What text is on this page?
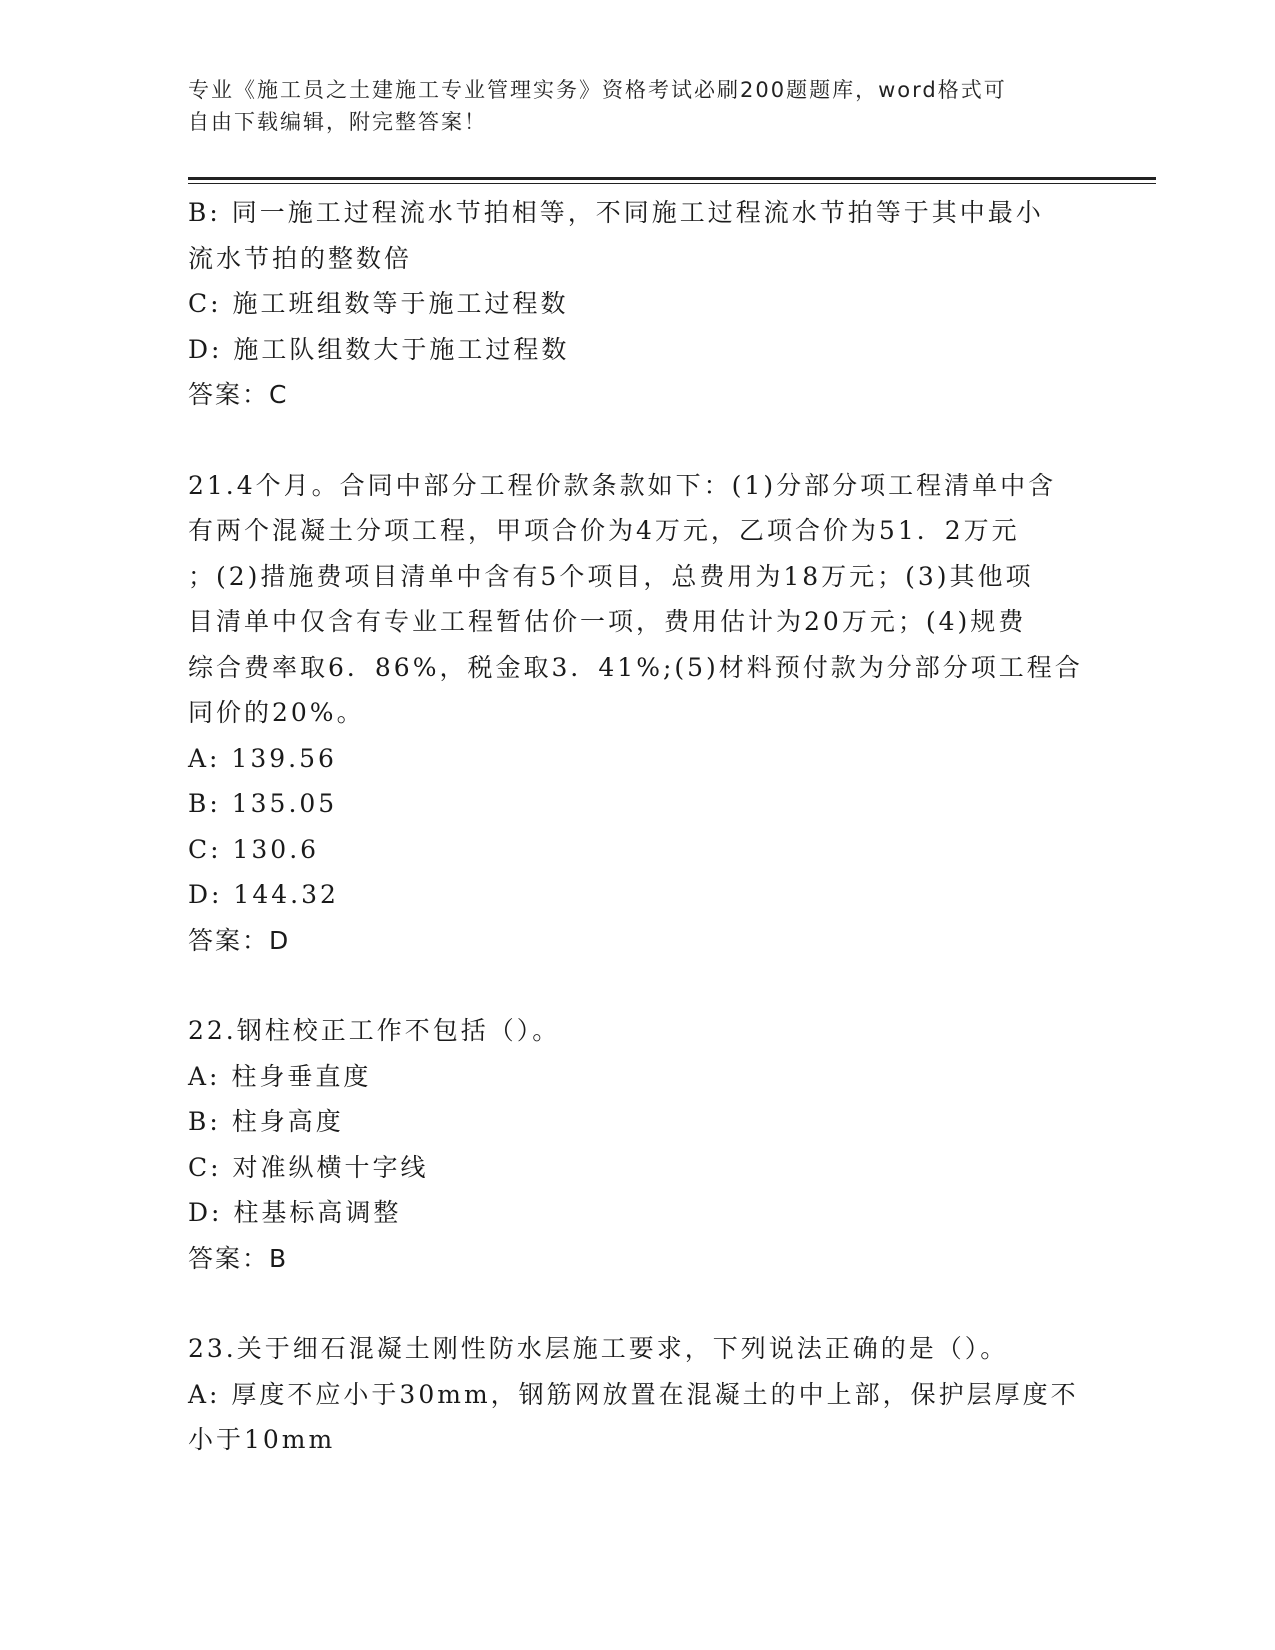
专业《施工员之土建施工专业管理实务》资格考试必刷200题题库，word格式可
自由下载编辑，附完整答案！
B: 同一施工过程流水节拍相等，不同施工过程流水节拍等于其中最小
流水节拍的整数倍
C: 施工班组数等于施工过程数
D: 施工队组数大于施工过程数
答案：C
21.4个月。合同中部分工程价款条款如下：(1)分部分项工程清单中含
有两个混凝土分项工程，甲项合价为4万元，乙项合价为51．2万元
；(2)措施费项目清单中含有5个项目，总费用为18万元；(3)其他项
目清单中仅含有专业工程暂估价一项，费用估计为20万元；(4)规费
综合费率取6．86%，税金取3．41%;(5)材料预付款为分部分项工程合
同价的20%。
A: 139.56
B: 135.05
C: 130.6
D: 144.32
答案：D
22.钢柱校正工作不包括（）。
A: 柱身垂直度
B: 柱身高度
C: 对准纵横十字线
D: 柱基标高调整
答案：B
23.关于细石混凝土刚性防水层施工要求，下列说法正确的是（）。
A: 厚度不应小于30mm，钢筋网放置在混凝土的中上部，保护层厚度不
小于10mm
